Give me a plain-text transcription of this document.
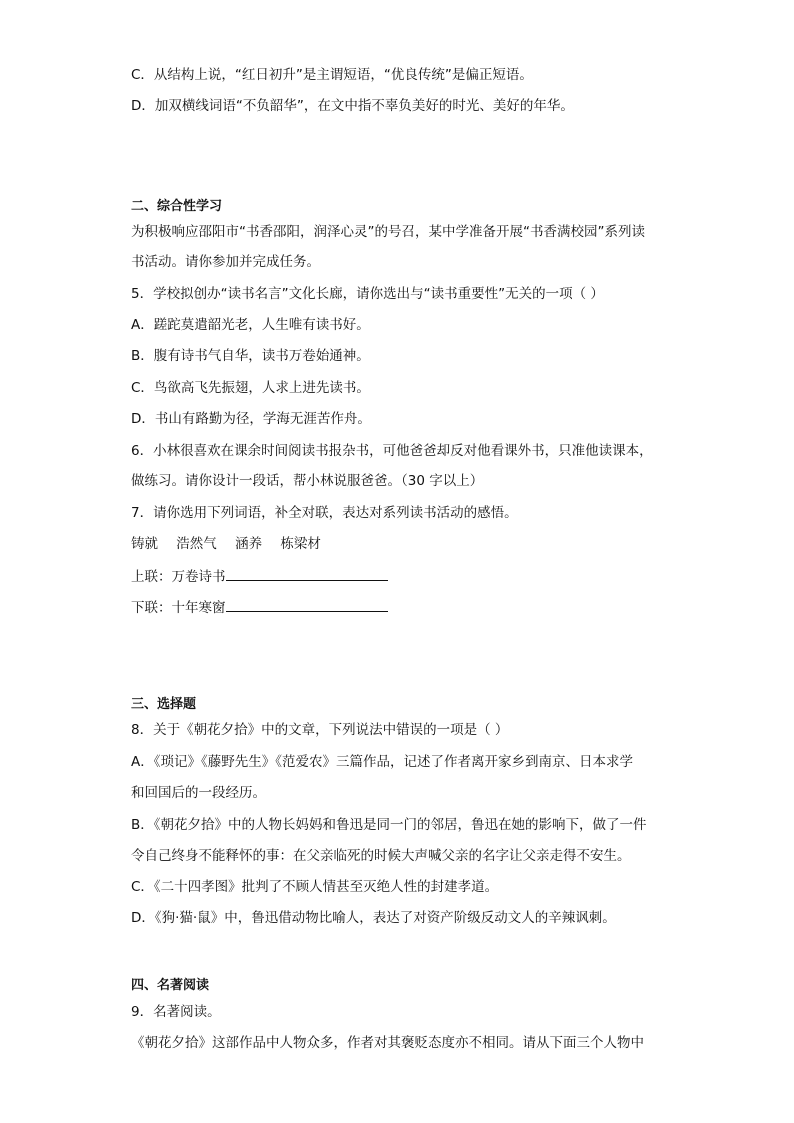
C．从结构上说，“红日初升”是主谓短语，“优良传统”是偏正短语。
D．加双横线词语“不负韶华”，在文中指不辜负美好的时光、美好的年华。
二、综合性学习
为积极响应邵阳市“书香邵阳，润泽心灵”的号召，某中学准备开展“书香满校园”系列读
书活动。请你参加并完成任务。
5．学校拟创办“读书名言”文化长廊，请你选出与“读书重要性”无关的一项（ ）
A．蹉跎莫遣韶光老，人生唯有读书好。
B．腹有诗书气自华，读书万卷始通神。
C．鸟欲高飞先振翅，人求上进先读书。
D．书山有路勤为径，学海无涯苦作舟。
6．小林很喜欢在课余时间阅读书报杂书，可他爸爸却反对他看课外书，只准他读课本，
做练习。请你设计一段话，帮小林说服爸爸。（30 字以上）
7．请你选用下列词语，补全对联，表达对系列读书活动的感悟。
铸就 浩然气 涵养 栋梁材
上联：万卷诗书
下联：十年寒窗
三、选择题
8．关于《朝花夕拾》中的文章，下列说法中错误的一项是（ ）
A．《琐记》《藤野先生》《范爱农》三篇作品，记述了作者离开家乡到南京、日本求学
和回国后的一段经历。
B．《朝花夕拾》中的人物长妈妈和鲁迅是同一门的邻居，鲁迅在她的影响下，做了一件
令自己终身不能释怀的事：在父亲临死的时候大声喊父亲的名字让父亲走得不安生。
C．《二十四孝图》批判了不顾人情甚至灭绝人性的封建孝道。
D．《狗·猫·鼠》中，鲁迅借动物比喻人，表达了对资产阶级反动文人的辛辣讽刺。
四、名著阅读
9．名著阅读。
《朝花夕拾》这部作品中人物众多，作者对其褒贬态度亦不相同。请从下面三个人物中
